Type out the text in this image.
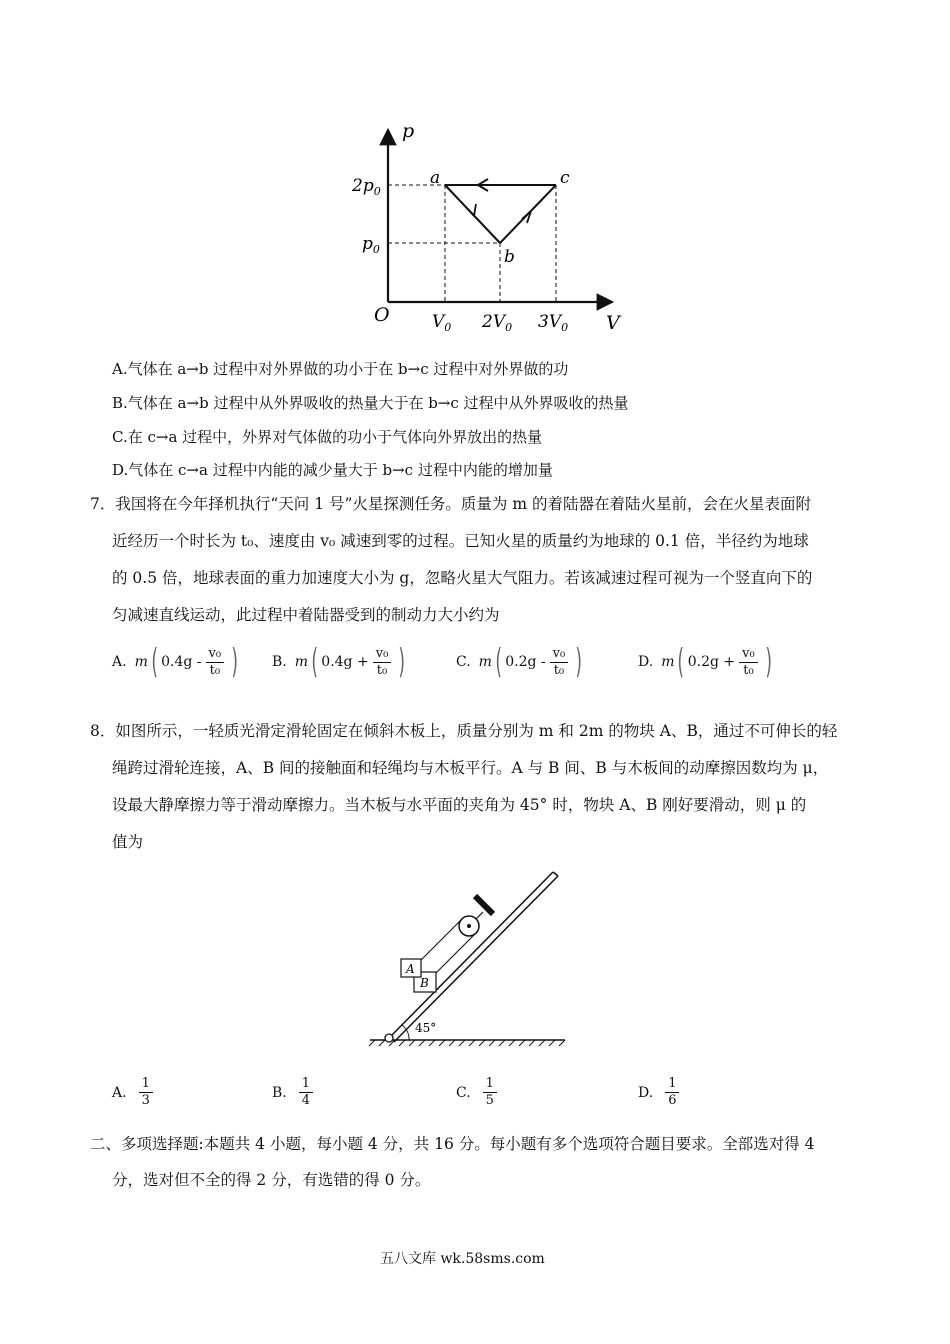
p
V
O
$2p_0$
$p_0$
$V_0$ $2V_0$ $3V_0$
a	c
b
A.气体在 a→b 过程中对外界做的功小于在 b→c 过程中对外界做的功
B.气体在 a→b 过程中从外界吸收的热量大于在 b→c 过程中从外界吸收的热量
C.在 c→a 过程中，外界对气体做的功小于气体向外界放出的热量
D.气体在 c→a 过程中内能的减少量大于 b→c 过程中内能的增加量
7．我国将在今年择机执行“天问 1 号”火星探测任务。质量为 m 的着陆器在着陆火星前，会在火星表面附
近经历一个时长为 t₀、速度由 v₀ 减速到零的过程。已知火星的质量约为地球的 0.1 倍，半径约为地球
的 0.5 倍，地球表面的重力加速度大小为 g，忽略火星大气阻力。若该减速过程可视为一个竖直向下的
匀减速直线运动，此过程中着陆器受到的制动力大小约为
A. m ( $0.4g - \frac{\text{v₀}}{\text{t₀}}$ ) B. m ( $0.4g + \frac{\text{v₀}}{\text{t₀}}$ )	C. m ( $0.2g - \frac{\text{v₀}}{\text{t₀}}$ )	D. m ( $0.2g + \frac{\text{v₀}}{\text{t₀}}$ )
8．如图所示，一轻质光滑定滑轮固定在倾斜木板上，质量分别为 m 和 2m 的物块 A、B，通过不可伸长的轻
绳跨过滑轮连接，A、B 间的接触面和轻绳均与木板平行。A 与 B 间、B 与木板间的动摩擦因数均为 μ，
设最大静摩擦力等于滑动摩擦力。当木板与水平面的夹角为 45° 时，物块 A、B 刚好要滑动，则 μ 的
值为
A
B
45°
A. $\frac{1}{3}$	B. $\frac{1}{4}$	C. $\frac{1}{5}$	D. $\frac{1}{6}$
二、多项选择题:本题共 4 小题，每小题 4 分，共 16 分。每小题有多个选项符合题目要求。全部选对得 4
分，选对但不全的得 2 分，有选错的得 0 分。
五八文库 wk.58sms.com
